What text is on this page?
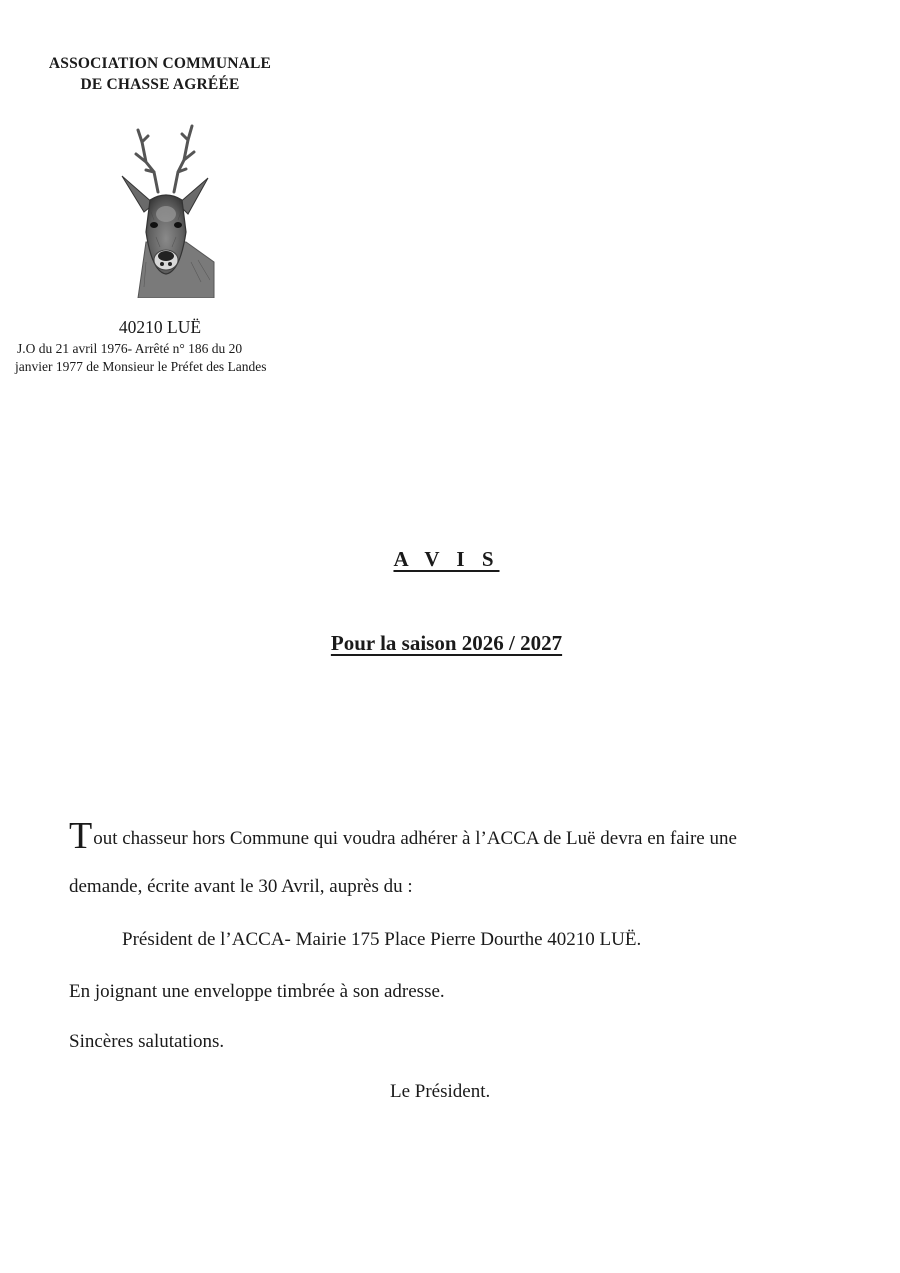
ASSOCIATION COMMUNALE
DE CHASSE AGRÉÉE
40210 LUË
J.O du 21 avril 1976- Arrêté n° 186 du 20
janvier 1977 de Monsieur le Préfet des Landes
A V I S
Pour la saison 2026 / 2027
Tout chasseur hors Commune qui voudra adhérer à l’ACCA de Luë devra en faire une
demande, écrite avant le 30 Avril, auprès du :
Président de l’ACCA- Mairie 175 Place Pierre Dourthe 40210 LUË.
En joignant une enveloppe timbrée à son adresse.
Sincères salutations.
Le Président.
